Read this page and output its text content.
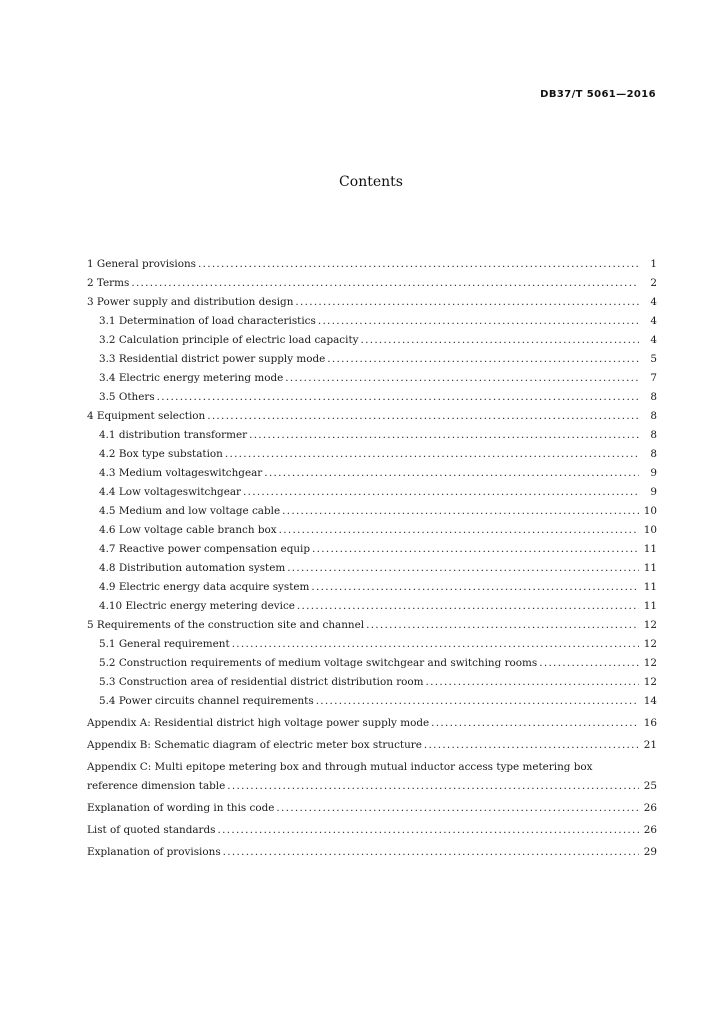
DB37/T 5061—2016
Contents
1 General provisions . . .	1
2 Terms . . .	2
3 Power supply and distribution design . . .	4
3.1 Determination of load characteristics . . .	4
3.2 Calculation principle of electric load capacity . . .	4
3.3 Residential district power supply mode . . .	5
3.4 Electric energy metering mode . . .	7
3.5 Others . . .	8
4 Equipment selection . . .	8
4.1 distribution transformer . . .	8
4.2 Box type substation . . .	8
4.3 Medium voltageswitchgear . . .	9
4.4 Low voltageswitchgear . . .	9
4.5 Medium and low voltage cable . . .	10
4.6 Low voltage cable branch box . . .	10
4.7 Reactive power compensation equip . . .	11
4.8 Distribution automation system . . .	11
4.9 Electric energy data acquire system . . .	11
4.10 Electric energy metering device . . .	11
5 Requirements of the construction site and channel . . .	12
5.1 General requirement . . .	12
5.2 Construction requirements of medium voltage switchgear and switching rooms . . .	12
5.3 Construction area of residential district distribution room . . .	12
5.4 Power circuits channel requirements . . .	14
Appendix A: Residential district high voltage power supply mode . . .	16
Appendix B: Schematic diagram of electric meter box structure . . .	21
Appendix C: Multi epitope metering box and through mutual inductor access type metering box
reference dimension table . . .	25
Explanation of wording in this code . . .	26
List of quoted standards . . .	26
Explanation of provisions . . .	29
